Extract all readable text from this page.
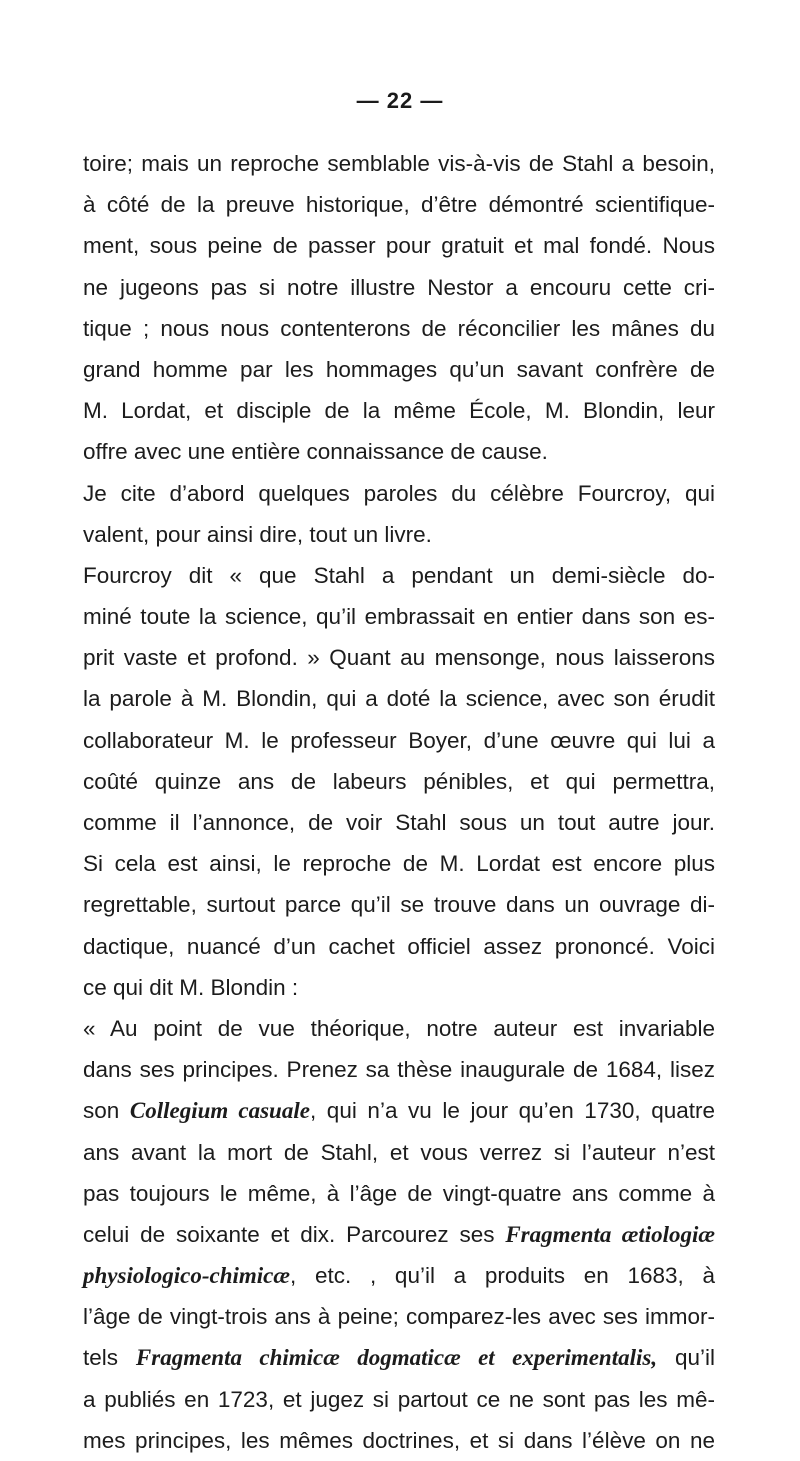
— 22 —
toire; mais un reproche semblable vis-à-vis de Stahl a besoin,
à côté de la preuve historique, d’être démontré scientifique-
ment, sous peine de passer pour gratuit et mal fondé. Nous
ne jugeons pas si notre illustre Nestor a encouru cette cri-
tique ; nous nous contenterons de réconcilier les mânes du
grand homme par les hommages qu’un savant confrère de
M. Lordat, et disciple de la même École, M. Blondin, leur
offre avec une entière connaissance de cause.
Je cite d’abord quelques paroles du célèbre Fourcroy, qui
valent, pour ainsi dire, tout un livre.
Fourcroy dit « que Stahl a pendant un demi-siècle do-
miné toute la science, qu’il embrassait en entier dans son es-
prit vaste et profond. » Quant au mensonge, nous laisserons
la parole à M. Blondin, qui a doté la science, avec son érudit
collaborateur M. le professeur Boyer, d’une œuvre qui lui a
coûté quinze ans de labeurs pénibles, et qui permettra,
comme il l’annonce, de voir Stahl sous un tout autre jour.
Si cela est ainsi, le reproche de M. Lordat est encore plus
regrettable, surtout parce qu’il se trouve dans un ouvrage di-
dactique, nuancé d’un cachet officiel assez prononcé. Voici
ce qui dit M. Blondin :
« Au point de vue théorique, notre auteur est invariable
dans ses principes. Prenez sa thèse inaugurale de 1684, lisez
son Collegium casuale, qui n’a vu le jour qu’en 1730, quatre
ans avant la mort de Stahl, et vous verrez si l’auteur n’est
pas toujours le même, à l’âge de vingt-quatre ans comme à
celui de soixante et dix. Parcourez ses Fragmenta ætiologiæ
physiologico-chimicæ, etc. , qu’il a produits en 1683, à
l’âge de vingt-trois ans à peine; comparez-les avec ses immor-
tels Fragmenta chimicæ dogmaticæ et experimentalis, qu’il
a publiés en 1723, et jugez si partout ce ne sont pas les mê-
mes principes, les mêmes doctrines, et si dans l’élève on ne
